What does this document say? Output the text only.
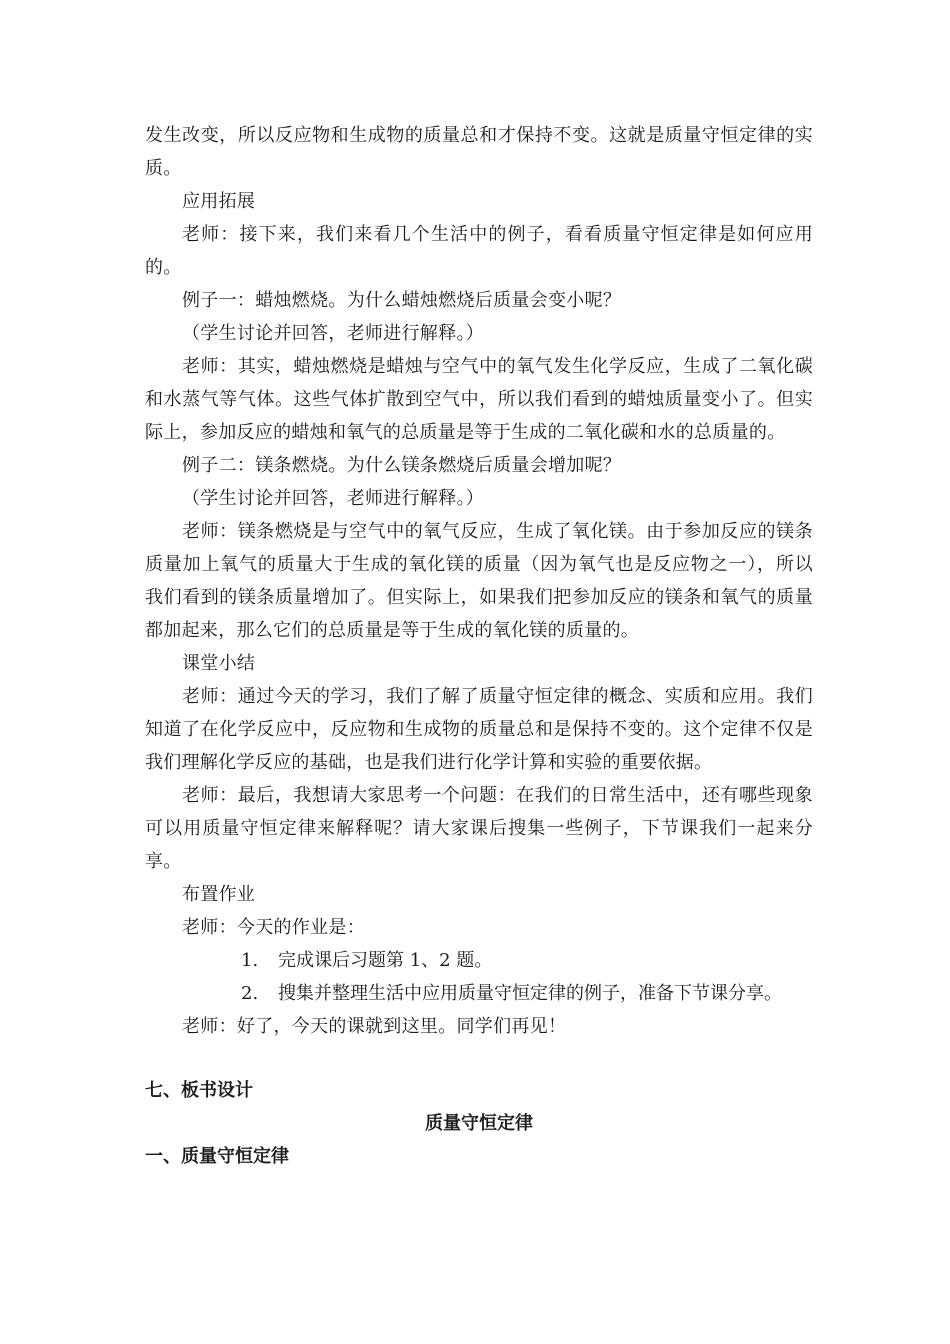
发生改变，所以反应物和生成物的质量总和才保持不变。这就是质量守恒定律的实质。

应用拓展

老师：接下来，我们来看几个生活中的例子，看看质量守恒定律是如何应用的。

例子一：蜡烛燃烧。为什么蜡烛燃烧后质量会变小呢？

（学生讨论并回答，老师进行解释。）

老师：其实，蜡烛燃烧是蜡烛与空气中的氧气发生化学反应，生成了二氧化碳和水蒸气等气体。这些气体扩散到空气中，所以我们看到的蜡烛质量变小了。但实际上，参加反应的蜡烛和氧气的总质量是等于生成的二氧化碳和水的总质量的。

例子二：镁条燃烧。为什么镁条燃烧后质量会增加呢？

（学生讨论并回答，老师进行解释。）

老师：镁条燃烧是与空气中的氧气反应，生成了氧化镁。由于参加反应的镁条质量加上氧气的质量大于生成的氧化镁的质量（因为氧气也是反应物之一），所以我们看到的镁条质量增加了。但实际上，如果我们把参加反应的镁条和氧气的质量都加起来，那么它们的总质量是等于生成的氧化镁的质量的。

课堂小结

老师：通过今天的学习，我们了解了质量守恒定律的概念、实质和应用。我们知道了在化学反应中，反应物和生成物的质量总和是保持不变的。这个定律不仅是我们理解化学反应的基础，也是我们进行化学计算和实验的重要依据。

老师：最后，我想请大家思考一个问题：在我们的日常生活中，还有哪些现象可以用质量守恒定律来解释呢？请大家课后搜集一些例子，下节课我们一起来分享。

布置作业

老师：今天的作业是：

1. 完成课后习题第 1、2 题。
2. 搜集并整理生活中应用质量守恒定律的例子，准备下节课分享。

老师：好了，今天的课就到这里。同学们再见！

七、板书设计

质量守恒定律

一、质量守恒定律
